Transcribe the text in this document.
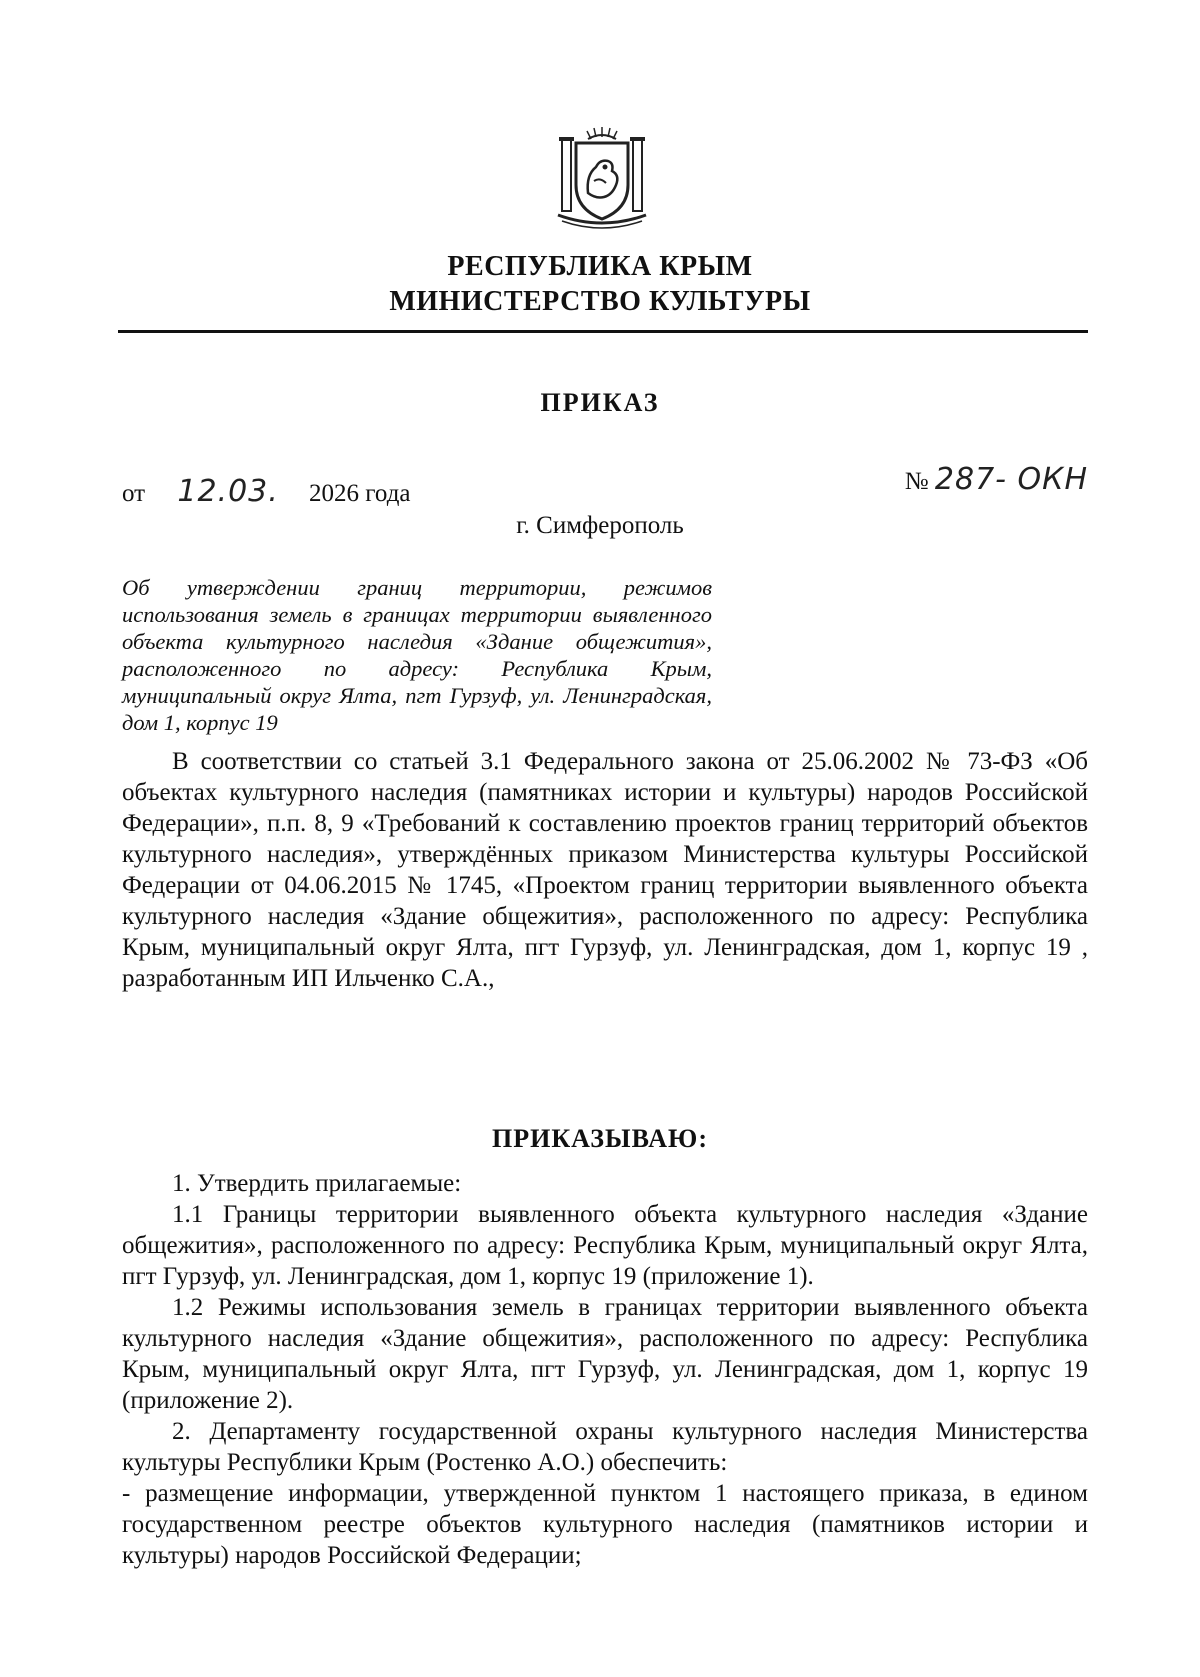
РЕСПУБЛИКА КРЫМ
МИНИСТЕРСТВО КУЛЬТУРЫ
ПРИКАЗ
от 12.03. 2026 года	№ 287- ОКН
г. Симферополь
Об утверждении границ территории, режимов использования земель в границах территории выявленного объекта культурного наследия «Здание общежития», расположенного по адресу: Республика Крым, муниципальный округ Ялта, пгт Гурзуф, ул. Ленинградская, дом 1, корпус 19

В соответствии со статьей 3.1 Федерального закона от 25.06.2002 № 73-ФЗ «Об объектах культурного наследия (памятниках истории и культуры) народов Российской Федерации», п.п. 8, 9 «Требований к составлению проектов границ территорий объектов культурного наследия», утверждённых приказом Министерства культуры Российской Федерации от 04.06.2015 № 1745, «Проектом границ территории выявленного объекта культурного наследия «Здание общежития», расположенного по адресу: Республика Крым, муниципальный округ Ялта, пгт Гурзуф, ул. Ленинградская, дом 1, корпус 19 , разработанным ИП Ильченко С.А.,

ПРИКАЗЫВАЮ:

1. Утвердить прилагаемые:

1.1 Границы территории выявленного объекта культурного наследия «Здание общежития», расположенного по адресу: Республика Крым, муниципальный округ Ялта, пгт Гурзуф, ул. Ленинградская, дом 1, корпус 19 (приложение 1).

1.2 Режимы использования земель в границах территории выявленного объекта культурного наследия «Здание общежития», расположенного по адресу: Республика Крым, муниципальный округ Ялта, пгт Гурзуф, ул. Ленинградская, дом 1, корпус 19 (приложение 2).

2. Департаменту государственной охраны культурного наследия Министерства культуры Республики Крым (Ростенко А.О.) обеспечить:

- размещение информации, утвержденной пунктом 1 настоящего приказа, в едином государственном реестре объектов культурного наследия (памятников истории и культуры) народов Российской Федерации;
